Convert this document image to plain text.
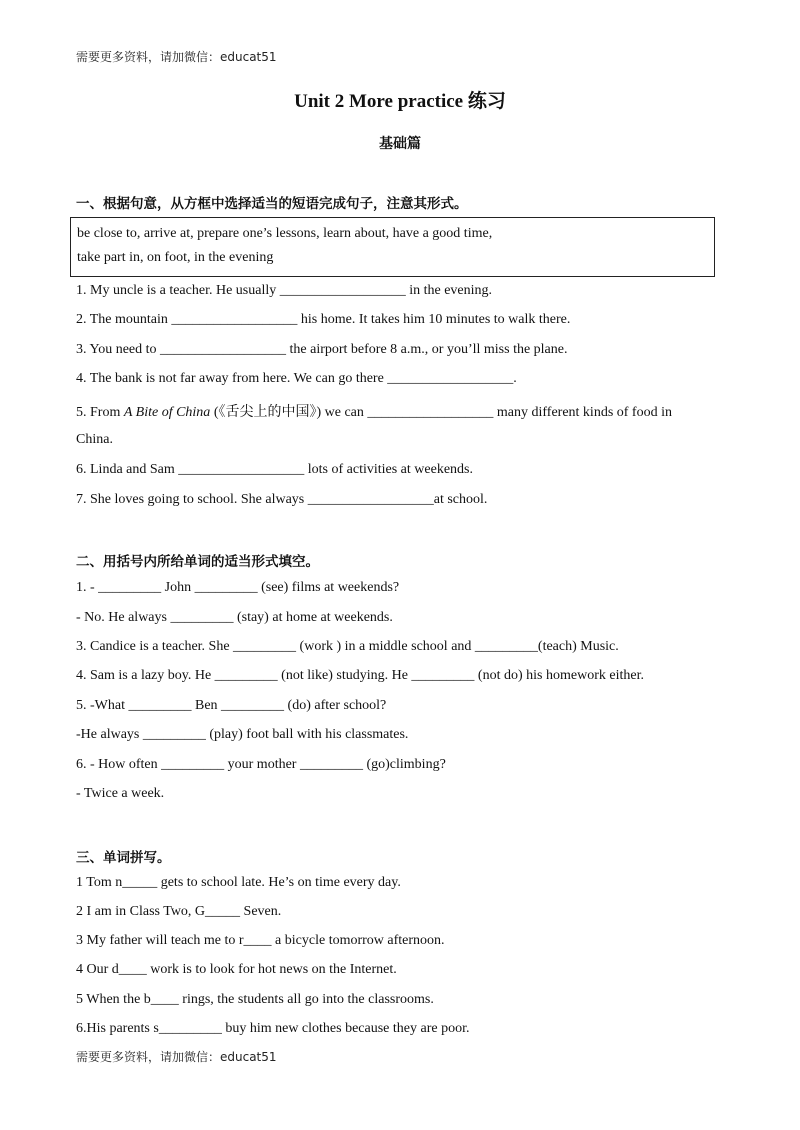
需要更多资料，请加微信：educat51
Unit 2 More practice 练习
基础篇
一、根据句意，从方框中选择适当的短语完成句子，注意其形式。
be close to, arrive at, prepare one’s lessons, learn about, have a good time,
take part in, on foot, in the evening
1. My uncle is a teacher. He usually __________________ in the evening.
2. The mountain __________________ his home. It takes him 10 minutes to walk there.
3. You need to __________________ the airport before 8 a.m., or you’ll miss the plane.
4. The bank is not far away from here. We can go there __________________.
5. From A Bite of China (《舌尖上的中国》) we can __________________ many different kinds of food in
China.
6. Linda and Sam __________________ lots of activities at weekends.
7. She loves going to school. She always __________________at school.
二、用括号内所给单词的适当形式填空。
1. - _________ John _________ (see) films at weekends?
- No. He always _________ (stay) at home at weekends.
3. Candice is a teacher. She _________ (work ) in a middle school and _________(teach) Music.
4. Sam is a lazy boy. He _________ (not like) studying. He _________ (not do) his homework either.
5. -What _________ Ben _________ (do) after school?
-He always _________ (play) foot ball with his classmates.
6. - How often _________ your mother _________ (go)climbing?
- Twice a week.
三、单词拼写。
1 Tom n_____ gets to school late. He’s on time every day.
2 I am in Class Two, G_____ Seven.
3 My father will teach me to r____ a bicycle tomorrow afternoon.
4 Our d____ work is to look for hot news on the Internet.
5 When the b____ rings, the students all go into the classrooms.
6.His parents s_________ buy him new clothes because they are poor.
需要更多资料，请加微信：educat51
